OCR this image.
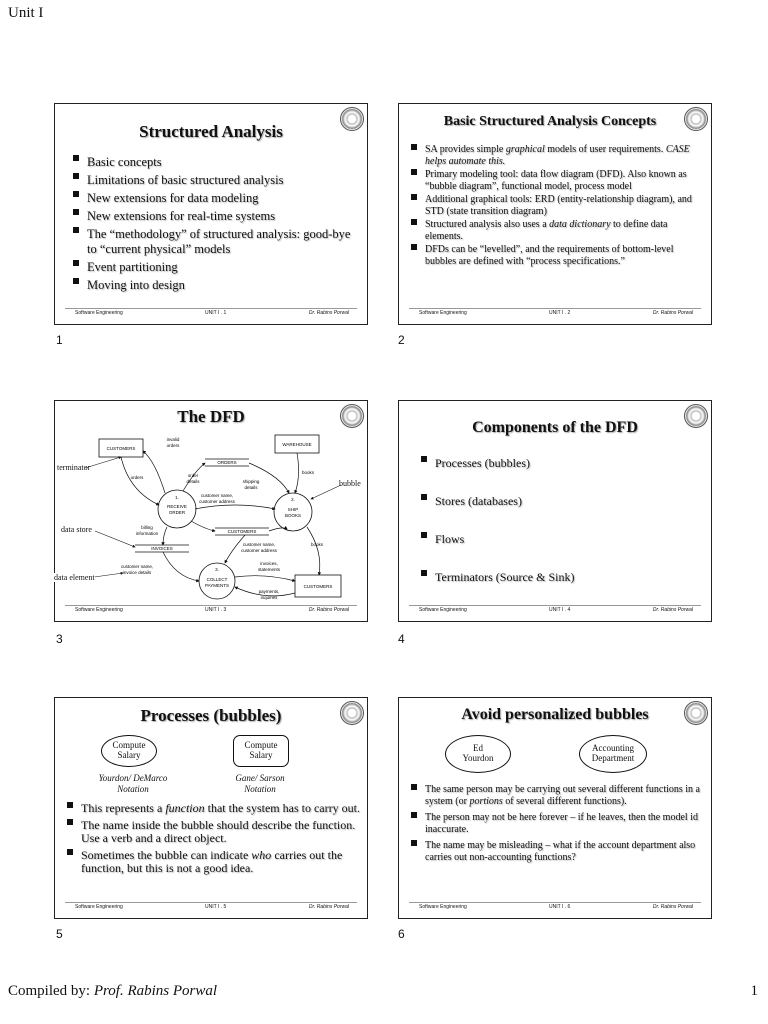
Unit I
Structured Analysis
Basic concepts
Limitations of basic structured analysis
New extensions for data modeling
New extensions for real-time systems
The “methodology” of structured analysis: good-bye to “current physical” models
Event partitioning
Moving into design
Software Engineering	UNIT I . 1	Dr. Rabins Porwal
1
Basic Structured Analysis Concepts
SA provides simple graphical models of user requirements. CASE helps automate this.
Primary modeling tool: data flow diagram (DFD). Also known as “bubble diagram”, functional model, process model
Additional graphical tools: ERD (entity-relationship diagram), and STD (state transition diagram)
Structured analysis also uses a data dictionary to define data elements.
DFDs can be “levelled”, and the requirements of bottom-level bubbles are defined with “process specifications.”
Software Engineering	UNIT I . 2	Dr. Rabins Porwal
2
The DFD
CUSTOMERS
WAREHOUSE
CUSTOMERS
1.
RECEIVE
ORDER
2.
SHIP
BOOKS
3.
COLLECT
PAYMENTS
ORDERS
CUSTOMERS
INVOICES
invalid
orders
orders	order
details	shipping
details
books
customer name,
customer address
billing
information
customer name,
customer address
books
customer name,
invoice details
invoices,
statements
payments,
inquiries
terminator
bubble
data store
data element
Software Engineering	UNIT I . 3	Dr. Rabins Porwal
3
Components of the DFD
Processes (bubbles)
Stores (databases)
Flows
Terminators (Source & Sink)
Software Engineering	UNIT I . 4	Dr. Rabins Porwal
4
Processes (bubbles)
Compute
Salary
Compute
Salary
Yourdon/ DeMarco
Notation
Gane/ Sarson
Notation
This represents a function that the system has to carry out.
The name inside the bubble should describe the function. Use a verb and a direct object.
Sometimes the bubble can indicate who carries out the function, but this is not a good idea.
Software Engineering	UNIT I . 5	Dr. Rabins Porwal
5
Avoid personalized bubbles
Ed
Yourdon
Accounting
Department
The same person may be carrying out several different functions in a system (or portions of several different functions).
The person may not be here forever – if he leaves, then the model id inaccurate.
The name may be misleading – what if the account department also carries out non-accounting functions?
Software Engineering	UNIT I . 6	Dr. Rabins Porwal
6
Compiled by: Prof. Rabins Porwal	1
